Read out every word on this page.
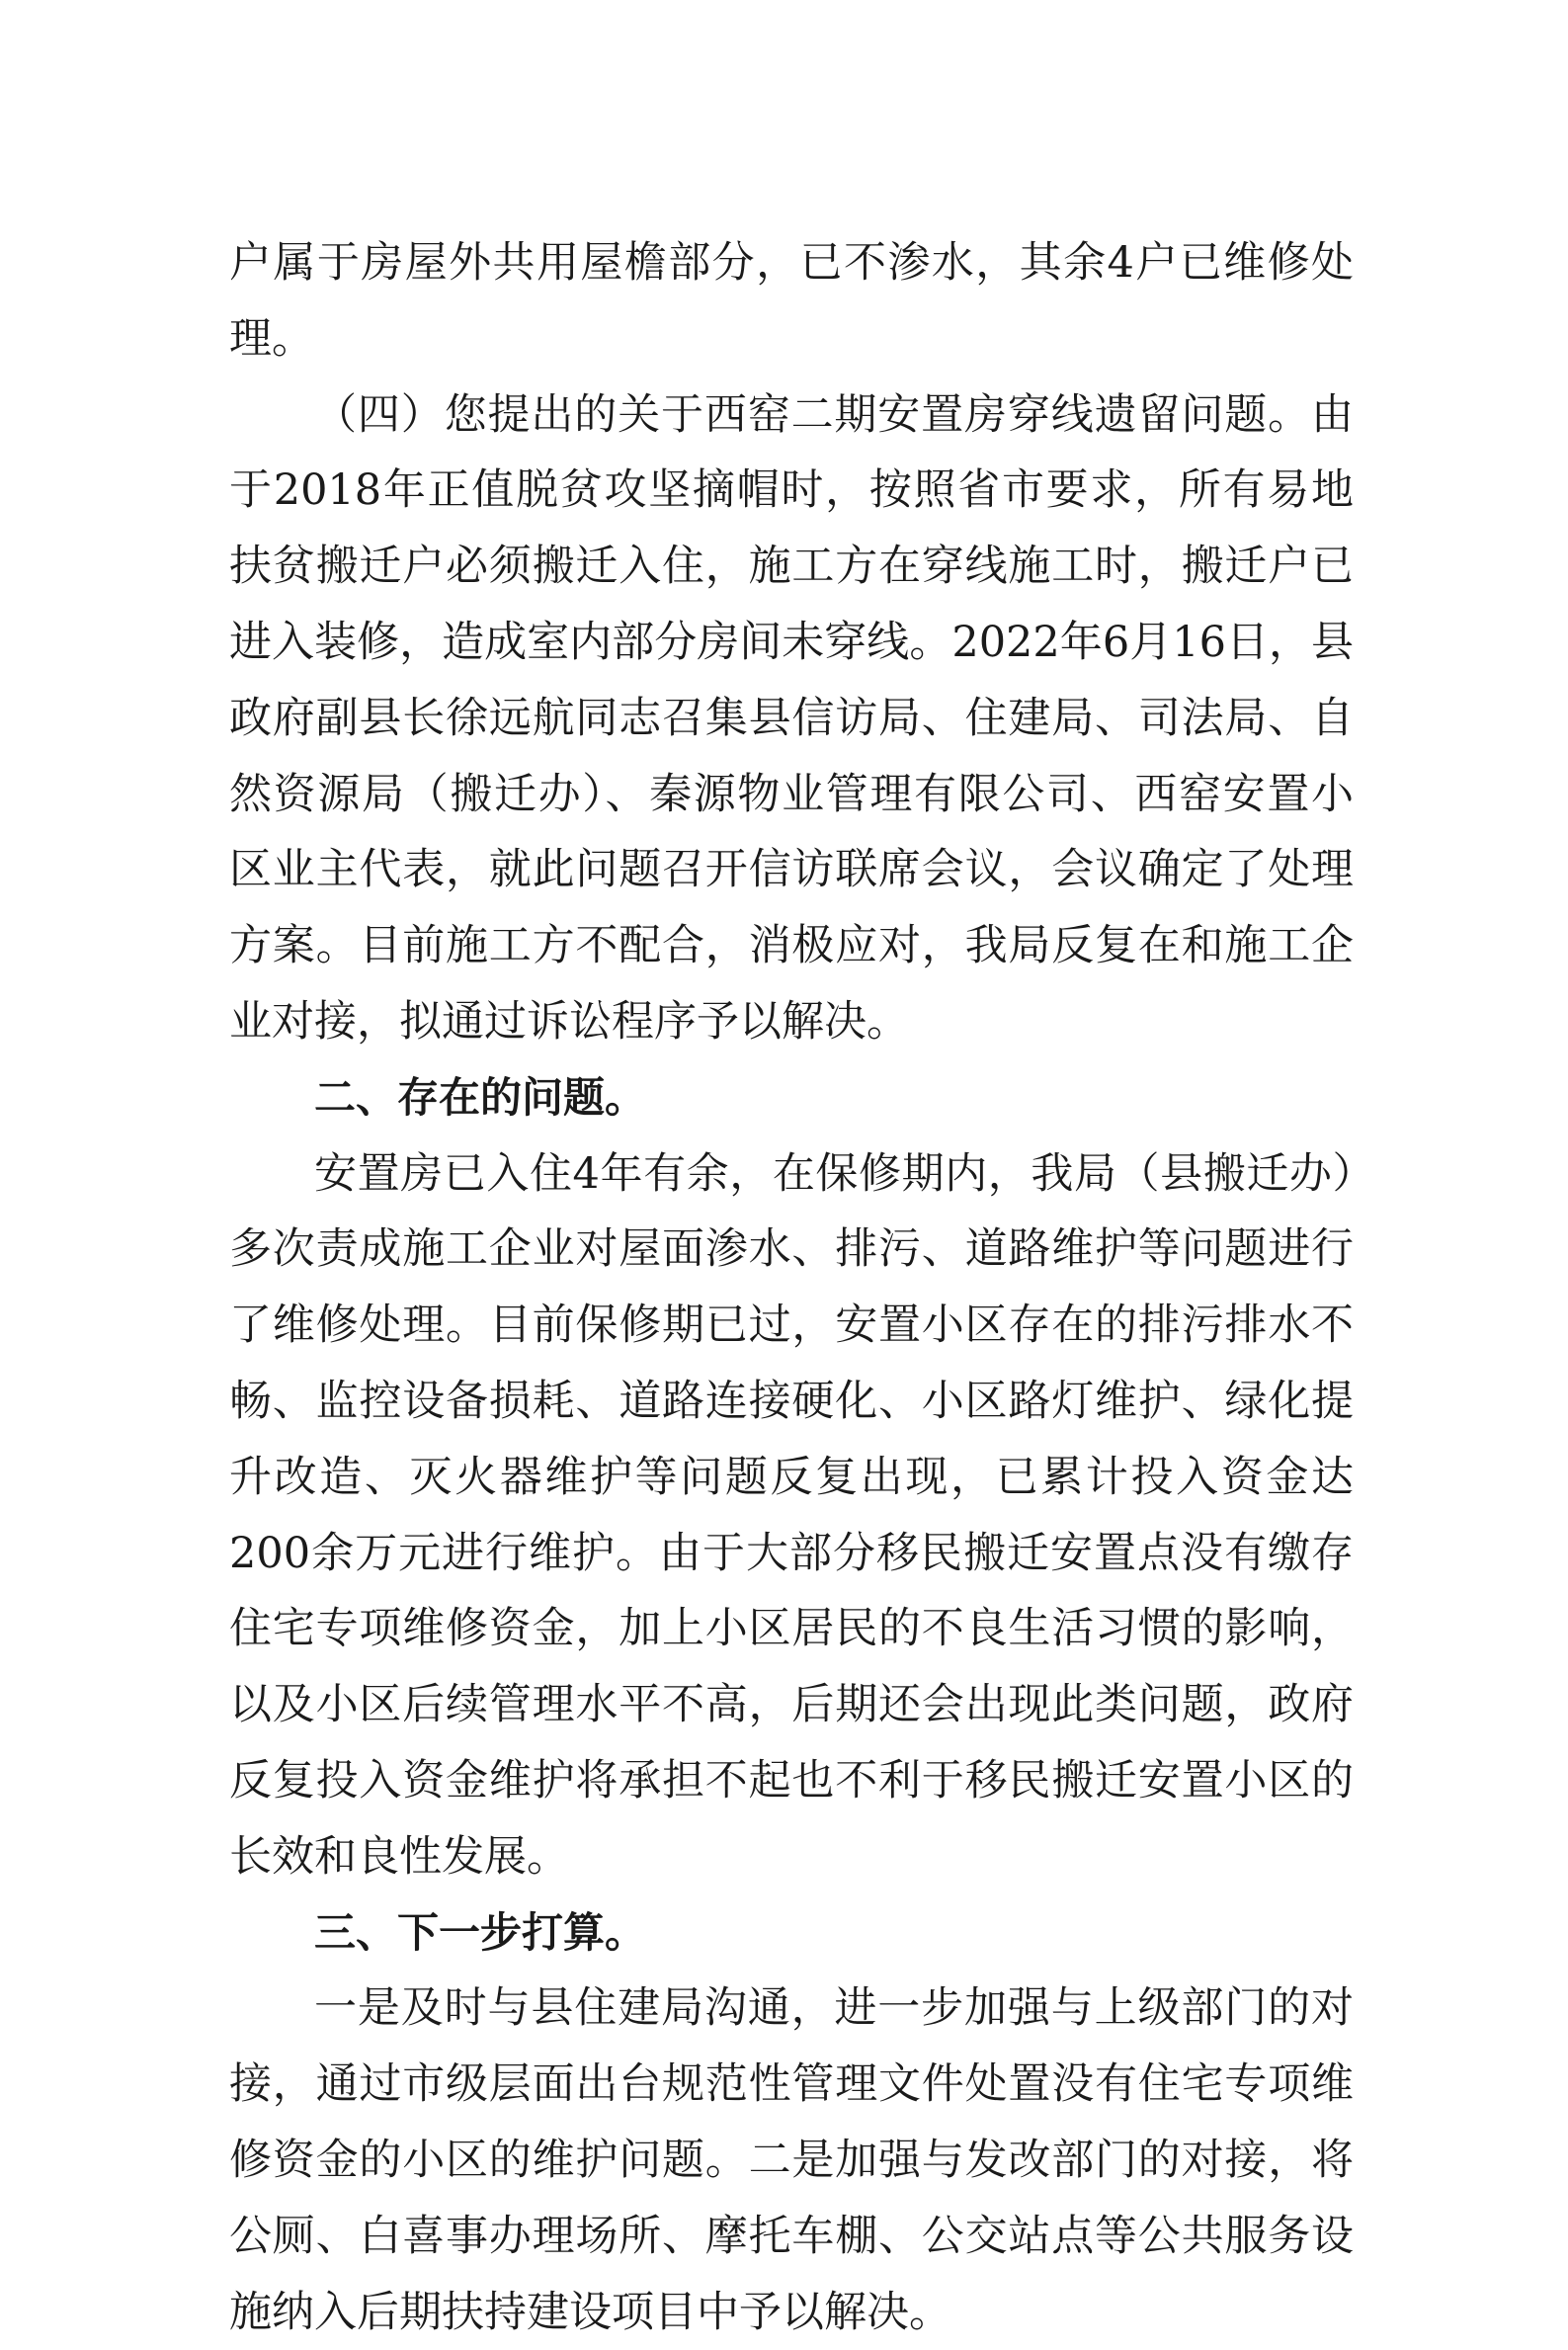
户属于房屋外共用屋檐部分，已不渗水，其余4户已维修处理。

（四）您提出的关于西窑二期安置房穿线遗留问题。由于2018年正值脱贫攻坚摘帽时，按照省市要求，所有易地扶贫搬迁户必须搬迁入住，施工方在穿线施工时，搬迁户已进入装修，造成室内部分房间未穿线。2022年6月16日，县政府副县长徐远航同志召集县信访局、住建局、司法局、自然资源局（搬迁办）、秦源物业管理有限公司、西窑安置小区业主代表，就此问题召开信访联席会议，会议确定了处理方案。目前施工方不配合，消极应对，我局反复在和施工企业对接，拟通过诉讼程序予以解决。

二、存在的问题。

安置房已入住4年有余，在保修期内，我局（县搬迁办）多次责成施工企业对屋面渗水、排污、道路维护等问题进行了维修处理。目前保修期已过，安置小区存在的排污排水不畅、监控设备损耗、道路连接硬化、小区路灯维护、绿化提升改造、灭火器维护等问题反复出现，已累计投入资金达200余万元进行维护。由于大部分移民搬迁安置点没有缴存住宅专项维修资金，加上小区居民的不良生活习惯的影响，以及小区后续管理水平不高，后期还会出现此类问题，政府反复投入资金维护将承担不起也不利于移民搬迁安置小区的长效和良性发展。

三、下一步打算。

一是及时与县住建局沟通，进一步加强与上级部门的对接，通过市级层面出台规范性管理文件处置没有住宅专项维修资金的小区的维护问题。二是加强与发改部门的对接，将公厕、白喜事办理场所、摩托车棚、公交站点等公共服务设施纳入后期扶持建设项目中予以解决。
